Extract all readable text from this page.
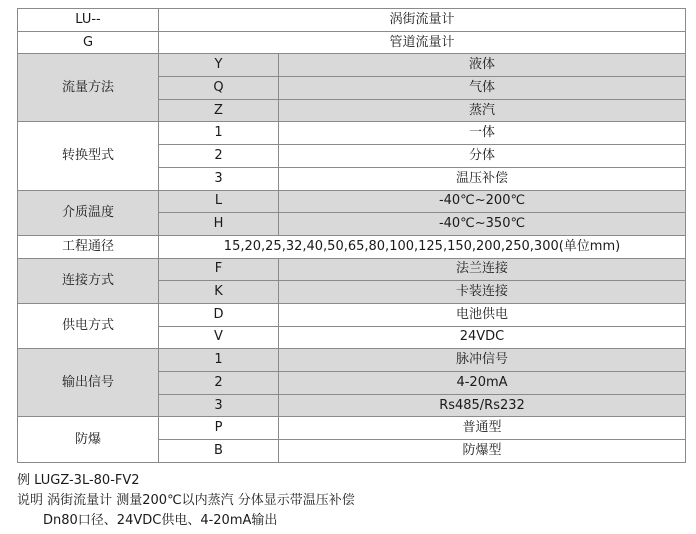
LU--	涡街流量计	
G	管道流量计	
流量方法	Y	液体
	Q	气体
	Z	蒸汽
转换型式	1	一体
	2	分体
	3	温压补偿
介质温度	L	-40℃~200℃
	H	-40℃~350℃
工程通径	15,20,25,32,40,50,65,80,100,125,150,200,250,300(单位mm)	
连接方式	F	法兰连接
	K	卡装连接
供电方式	D	电池供电
	V	24VDC
输出信号	1	脉冲信号
	2	4-20mA
	3	Rs485/Rs232
防爆	P	普通型
	B	防爆型
例 LUGZ-3L-80-FV2
说明 涡街流量计 测量200℃以内蒸汽 分体显示带温压补偿
Dn80口径、24VDC供电、4-20mA输出
